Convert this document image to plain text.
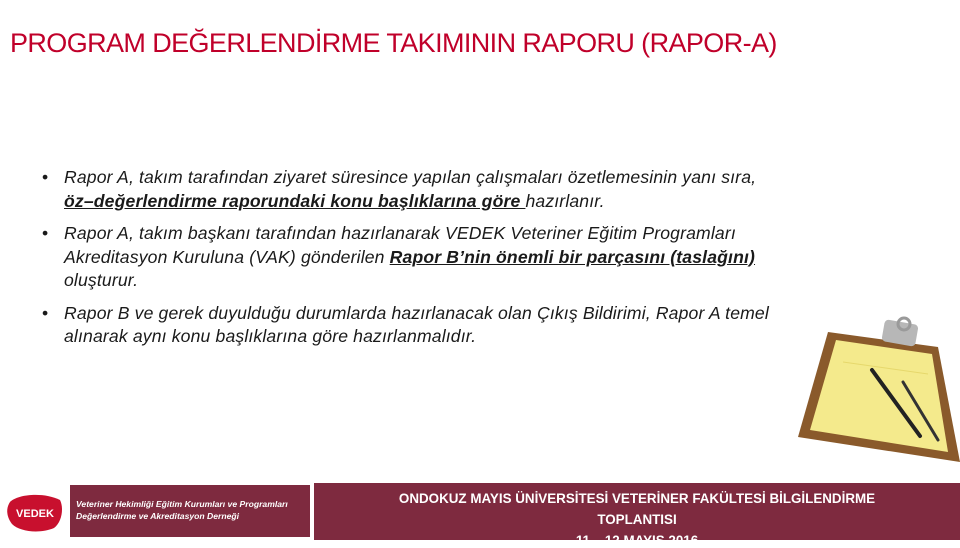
PROGRAM DEĞERLENDİRME TAKIMININ RAPORU (RAPOR-A)
• Rapor A, takım tarafından ziyaret süresince yapılan çalışmaları özetlemesinin yanı sıra, öz–değerlendirme raporundaki konu başlıklarına göre hazırlanır.
• Rapor A, takım başkanı tarafından hazırlanarak VEDEK Veteriner Eğitim Programları Akreditasyon Kuruluna (VAK) gönderilen Rapor B’nin önemli bir parçasını (taslağını) oluşturur.
• Rapor B ve gerek duyulduğu durumlarda hazırlanacak olan Çıkış Bildirimi, Rapor A temel alınarak aynı konu başlıklarına göre hazırlanmalıdır.
VEDEK
Veteriner Hekimliği Eğitim Kurumları ve Programları
Değerlendirme ve Akreditasyon Derneği
ONDOKUZ MAYIS ÜNİVERSİTESİ VETERİNER FAKÜLTESİ BİLGİLENDİRME
TOPLANTISI
11 – 12 MAYIS 2016
